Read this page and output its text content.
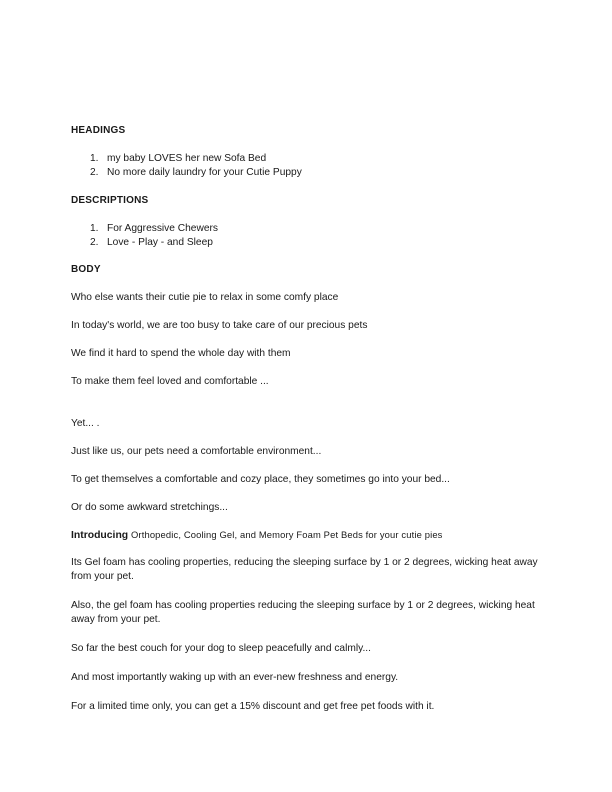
HEADINGS
1. my baby LOVES her new Sofa Bed
2. No more daily laundry for your Cutie Puppy
DESCRIPTIONS
1. For Aggressive Chewers
2. Love - Play - and Sleep
BODY

Who else wants their cutie pie to relax in some comfy place

In today's world, we are too busy to take care of our precious pets

We find it hard to spend the whole day with them

To make them feel loved and comfortable ...

Yet... .

Just like us, our pets need a comfortable environment...

To get themselves a comfortable and cozy place, they sometimes go into your bed...

Or do some awkward stretchings...

Introducing Orthopedic, Cooling Gel, and Memory Foam Pet Beds for your cutie pies

Its Gel foam has cooling properties, reducing the sleeping surface by 1 or 2 degrees, wicking heat away from your pet.

Also, the gel foam has cooling properties reducing the sleeping surface by 1 or 2 degrees, wicking heat away from your pet.

So far the best couch for your dog to sleep peacefully and calmly...

And most importantly waking up with an ever-new freshness and energy.

For a limited time only, you can get a 15% discount and get free pet foods with it.
